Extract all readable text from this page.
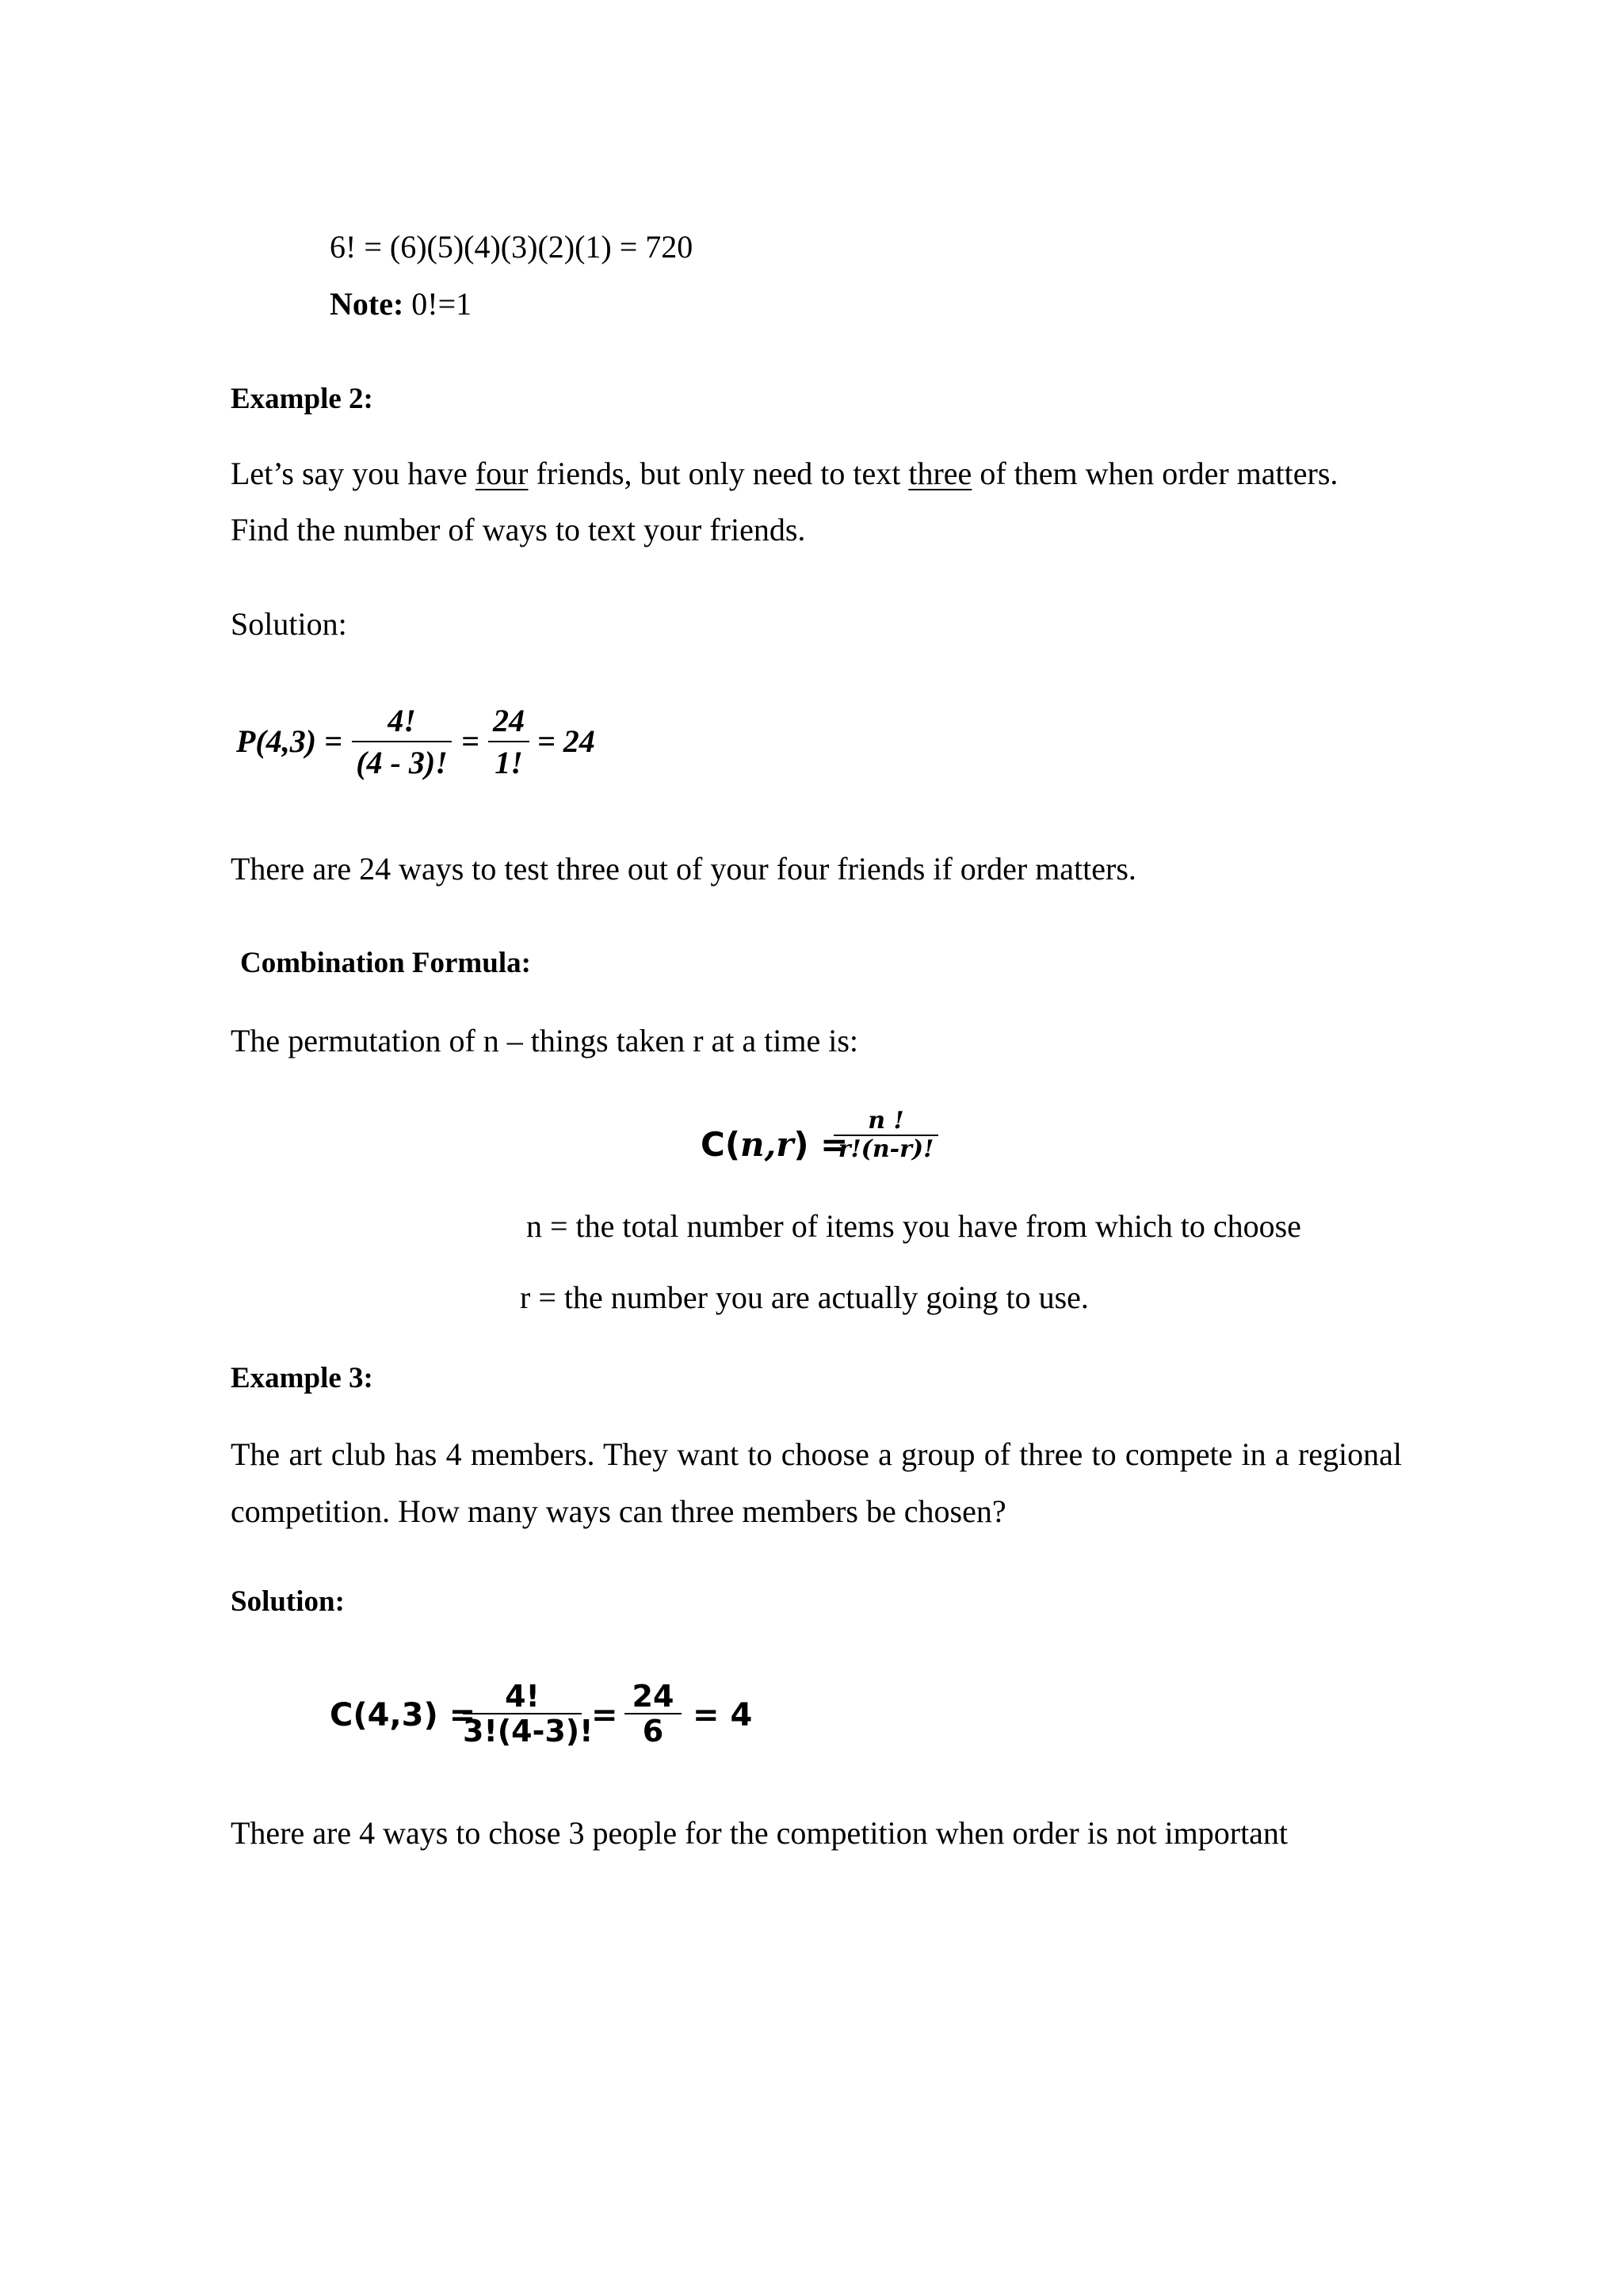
6! = (6)(5)(4)(3)(2)(1) = 720
Note: 0!=1
Example 2:
Let’s say you have four friends, but only need to text three of them when order matters.
Find the number of ways to text your friends.
Solution:
P(4,3) =
4!
(4 - 3)!
=
24
1!
= 24
There are 24 ways to test three out of your four friends if order matters.
Combination Formula:
The permutation of n – things taken r at a time is:
C(n,r) =
n !
r!(n-r)!
n = the total number of items you have from which to choose
r = the number you are actually going to use.
Example 3:
The art club has 4 members. They want to choose a group of three to compete in a regional competition. How many ways can three members be chosen?
Solution:
C(4,3) =
4!
3!(4-3)!
=
24
6 = 4
There are 4 ways to chose 3 people for the competition when order is not important
